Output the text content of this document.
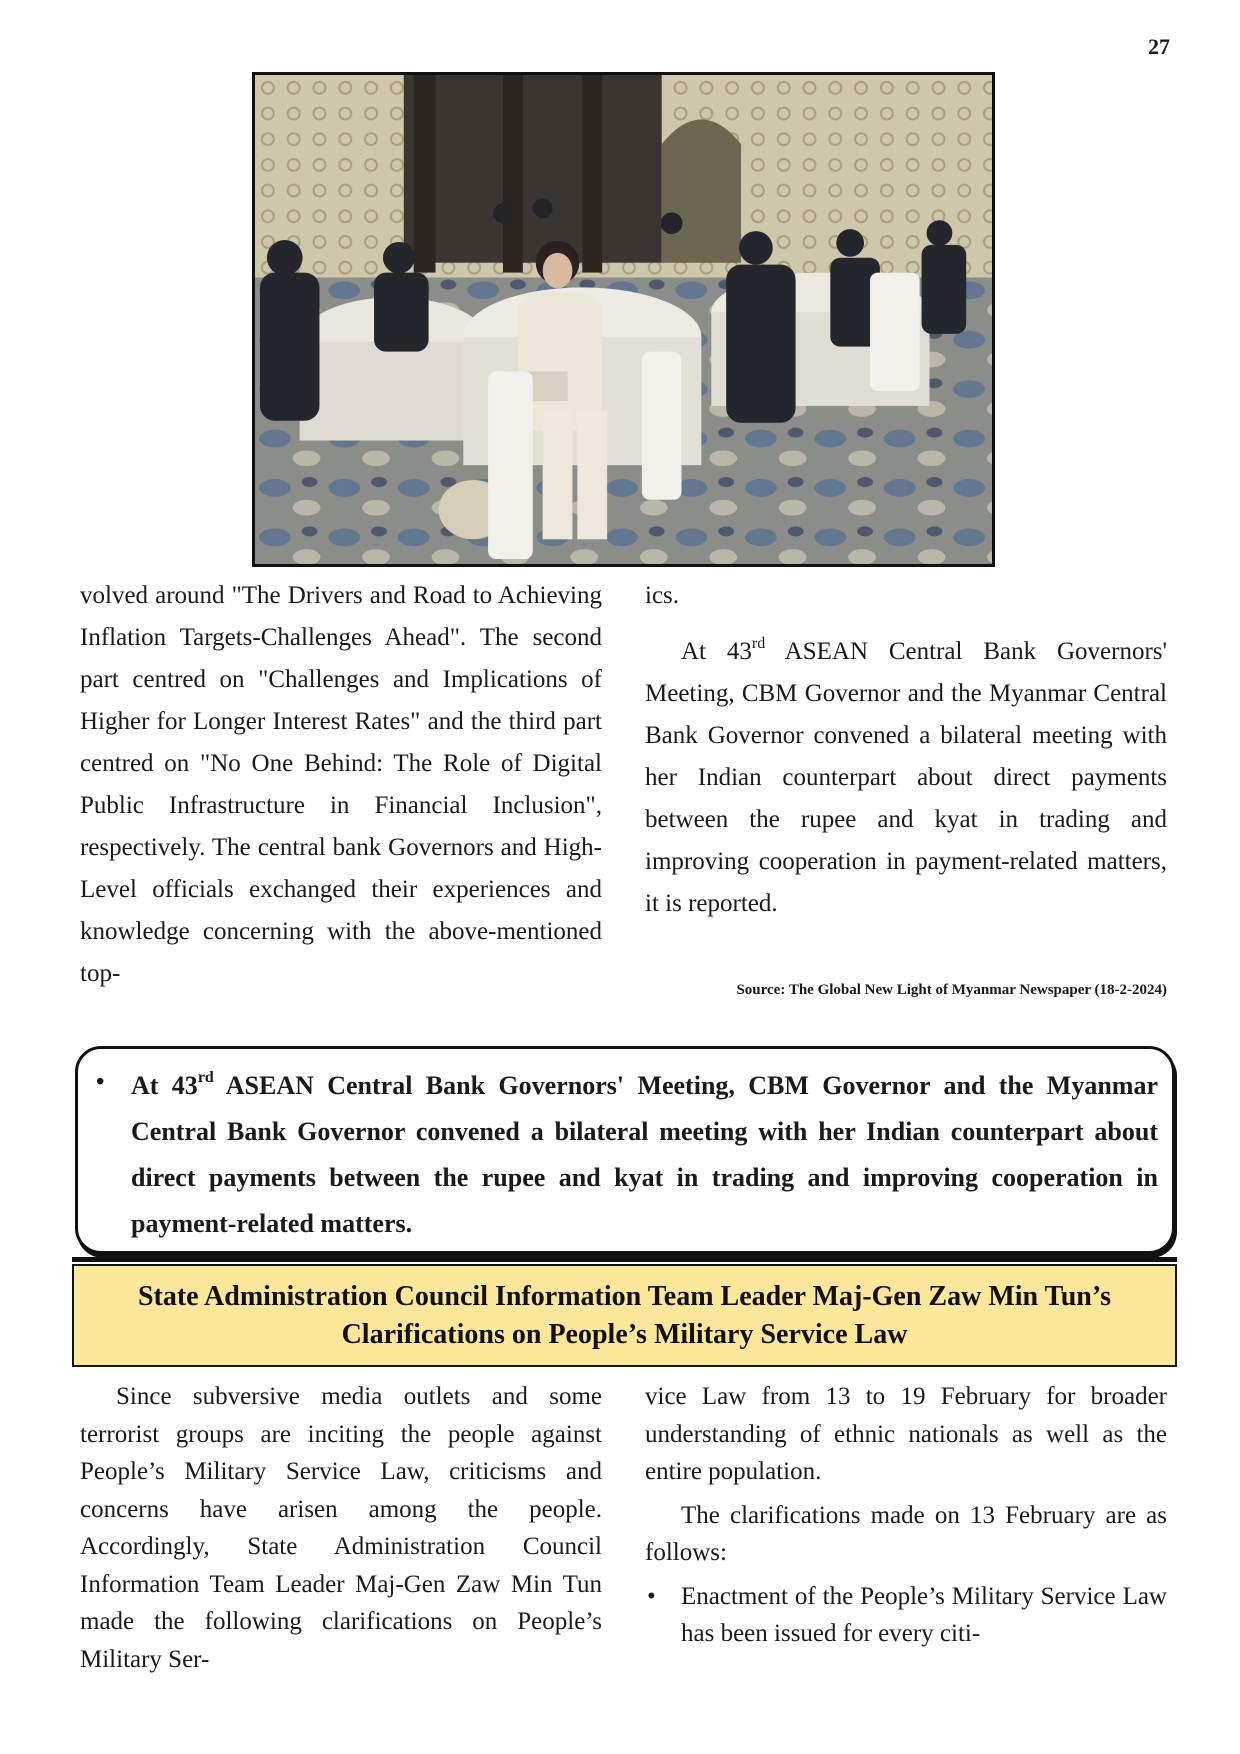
27

volved around "The Drivers and Road to Achieving Inflation Targets-Challenges Ahead". The second part centred on "Challenges and Implications of Higher for Longer Interest Rates" and the third part centred on "No One Behind: The Role of Digital Public Infrastructure in Financial Inclusion", respectively. The central bank Governors and High-Level officials exchanged their experiences and knowledge concerning with the above-mentioned top-

ics.

At 43rd ASEAN Central Bank Governors' Meeting, CBM Governor and the Myanmar Central Bank Governor convened a bilateral meeting with her Indian counterpart about direct payments between the rupee and kyat in trading and improving cooperation in payment-related matters, it is reported.

Source: The Global New Light of Myanmar Newspaper (18-2-2024)
• At 43rd ASEAN Central Bank Governors' Meeting, CBM Governor and the Myanmar Central Bank Governor convened a bilateral meeting with her Indian counterpart about direct payments between the rupee and kyat in trading and improving cooperation in payment-related matters.

State Administration Council Information Team Leader Maj-Gen Zaw Min Tun’s Clarifications on People’s Military Service Law

Since subversive media outlets and some terrorist groups are inciting the people against People’s Military Service Law, criticisms and concerns have arisen among the people. Accordingly, State Administration Council Information Team Leader Maj-Gen Zaw Min Tun made the following clarifications on People’s Military Ser-

vice Law from 13 to 19 February for broader understanding of ethnic nationals as well as the entire population.

The clarifications made on 13 February are as follows:

• Enactment of the People’s Military Service Law has been issued for every citi-
